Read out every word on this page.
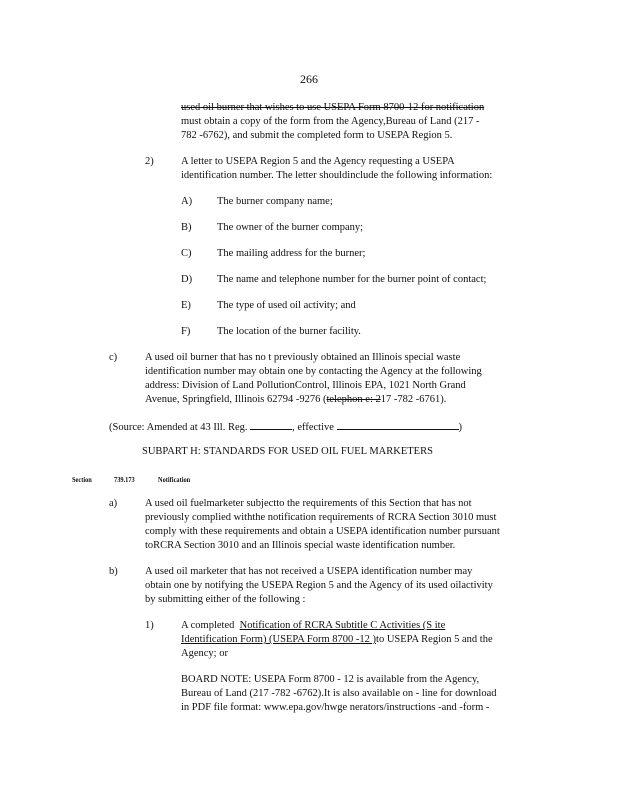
266
used oil burner that wishes to use USEPA Form 8700-12 for notification
must obtain a copy of the form from the Agency,Bureau of Land (217 -
782 -6762), and submit the completed form to USEPA Region 5.
2)	A letter to USEPA Region 5 and the Agency requesting a USEPA
identification number. The letter shouldinclude the following information:
A) The burner company name;
B) The owner of the burner company;
C) The mailing address for the burner;
D) The name and telephone number for the burner point of contact;
E) The type of used oil activity; and
F)	The location of the burner facility.
c)	A used oil burner that has no t previously obtained an Illinois special waste
identification number may obtain one by contacting the Agency at the following
address: Division of Land PollutionControl, Illinois EPA, 1021 North Grand
Avenue, Springfield, Illinois 62794 -9276 (telephon e: 217 -782 -6761).
(Source: Amended at 43 Ill. Reg.	, effective	)
SUBPART H: STANDARDS FOR USED OIL FUEL MARKETERS
Section	739.173	Notification
a)	A used oil fuelmarketer subjectto the requirements of this Section that has not
previously complied withthe notification requirements of RCRA Section 3010 must
comply with these requirements and obtain a USEPA identification number pursuant
toRCRA Section 3010 and an Illinois special waste identification number.
b)	A used oil marketer that has not received a USEPA identification number may
obtain one by notifying the USEPA Region 5 and the Agency of its used oilactivity
by submitting either of the following :
1)	A completed Notification of RCRA Subtitle C Activities (S ite
Identification Form) (USEPA Form 8700 -12 )to USEPA Region 5 and the
Agency; or
BOARD NOTE: USEPA Form 8700 - 12 is available from the Agency,
Bureau of Land (217 -782 -6762).It is also available on - line for download
in PDF file format: www.epa.gov/hwge nerators/instructions -and -form -
